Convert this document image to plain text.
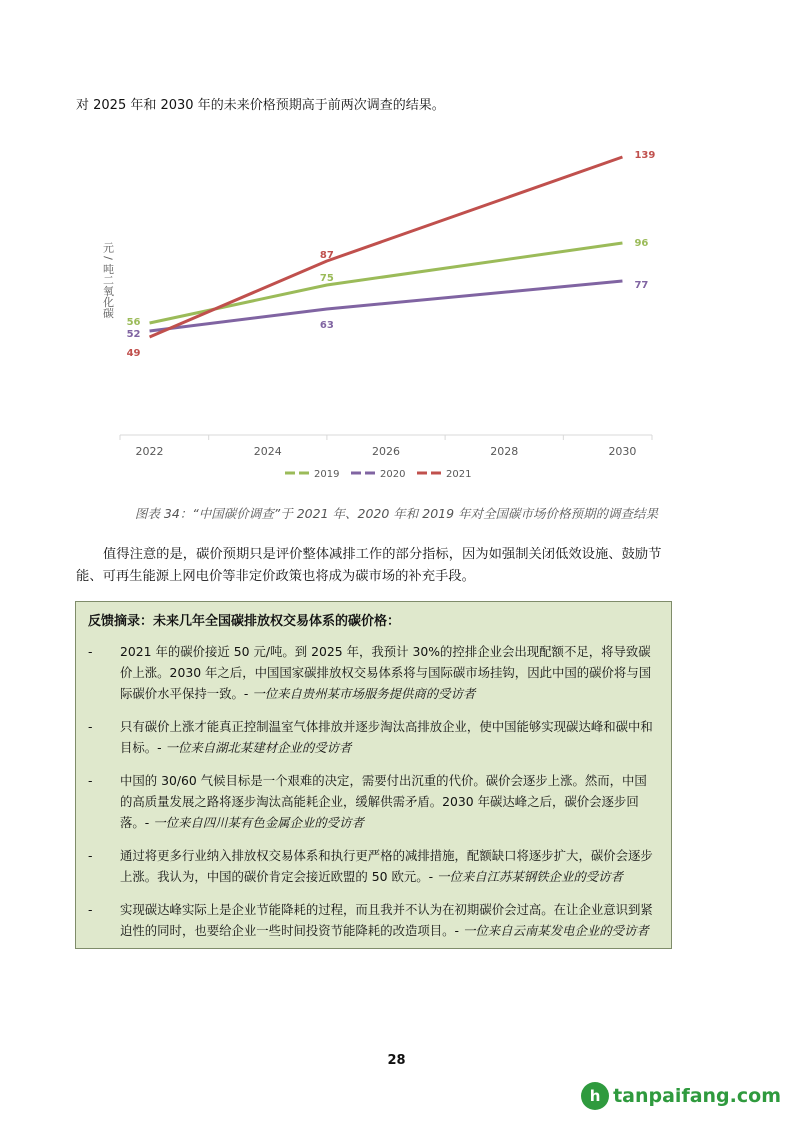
对 2025 年和 2030 年的未来价格预期高于前两次调查的结果。
2022	2024	2026	2028	2030
元 / 吨二氧化碳
56
75
96
52
63
77
49
87
139
2019	2020	2021
图表 34：“中国碳价调查”于 2021 年、2020 年和 2019 年对全国碳市场价格预期的调查结果
值得注意的是，碳价预期只是评价整体减排工作的部分指标，因为如强制关闭低效设施、鼓励节能、可再生能源上网电价等非定价政策也将成为碳市场的补充手段。
反馈摘录：未来几年全国碳排放权交易体系的碳价格：
-	2021 年的碳价接近 50 元/吨。到 2025 年，我预计 30%的控排企业会出现配额不足，将导致碳价上涨。2030 年之后，中国国家碳排放权交易体系将与国际碳市场挂钩，因此中国的碳价将与国际碳价水平保持一致。- 一位来自贵州某市场服务提供商的受访者
-	只有碳价上涨才能真正控制温室气体排放并逐步淘汰高排放企业，使中国能够实现碳达峰和碳中和目标。- 一位来自湖北某建材企业的受访者
-	中国的 30/60 气候目标是一个艰难的决定，需要付出沉重的代价。碳价会逐步上涨。然而，中国的高质量发展之路将逐步淘汰高能耗企业，缓解供需矛盾。2030 年碳达峰之后，碳价会逐步回落。- 一位来自四川某有色金属企业的受访者
-	通过将更多行业纳入排放权交易体系和执行更严格的减排措施，配额缺口将逐步扩大，碳价会逐步上涨。我认为，中国的碳价肯定会接近欧盟的 50 欧元。- 一位来自江苏某钢铁企业的受访者
-	实现碳达峰实际上是企业节能降耗的过程，而且我并不认为在初期碳价会过高。在让企业意识到紧迫性的同时，也要给企业一些时间投资节能降耗的改造项目。- 一位来自云南某发电企业的受访者
28
h tanpaifang.com
